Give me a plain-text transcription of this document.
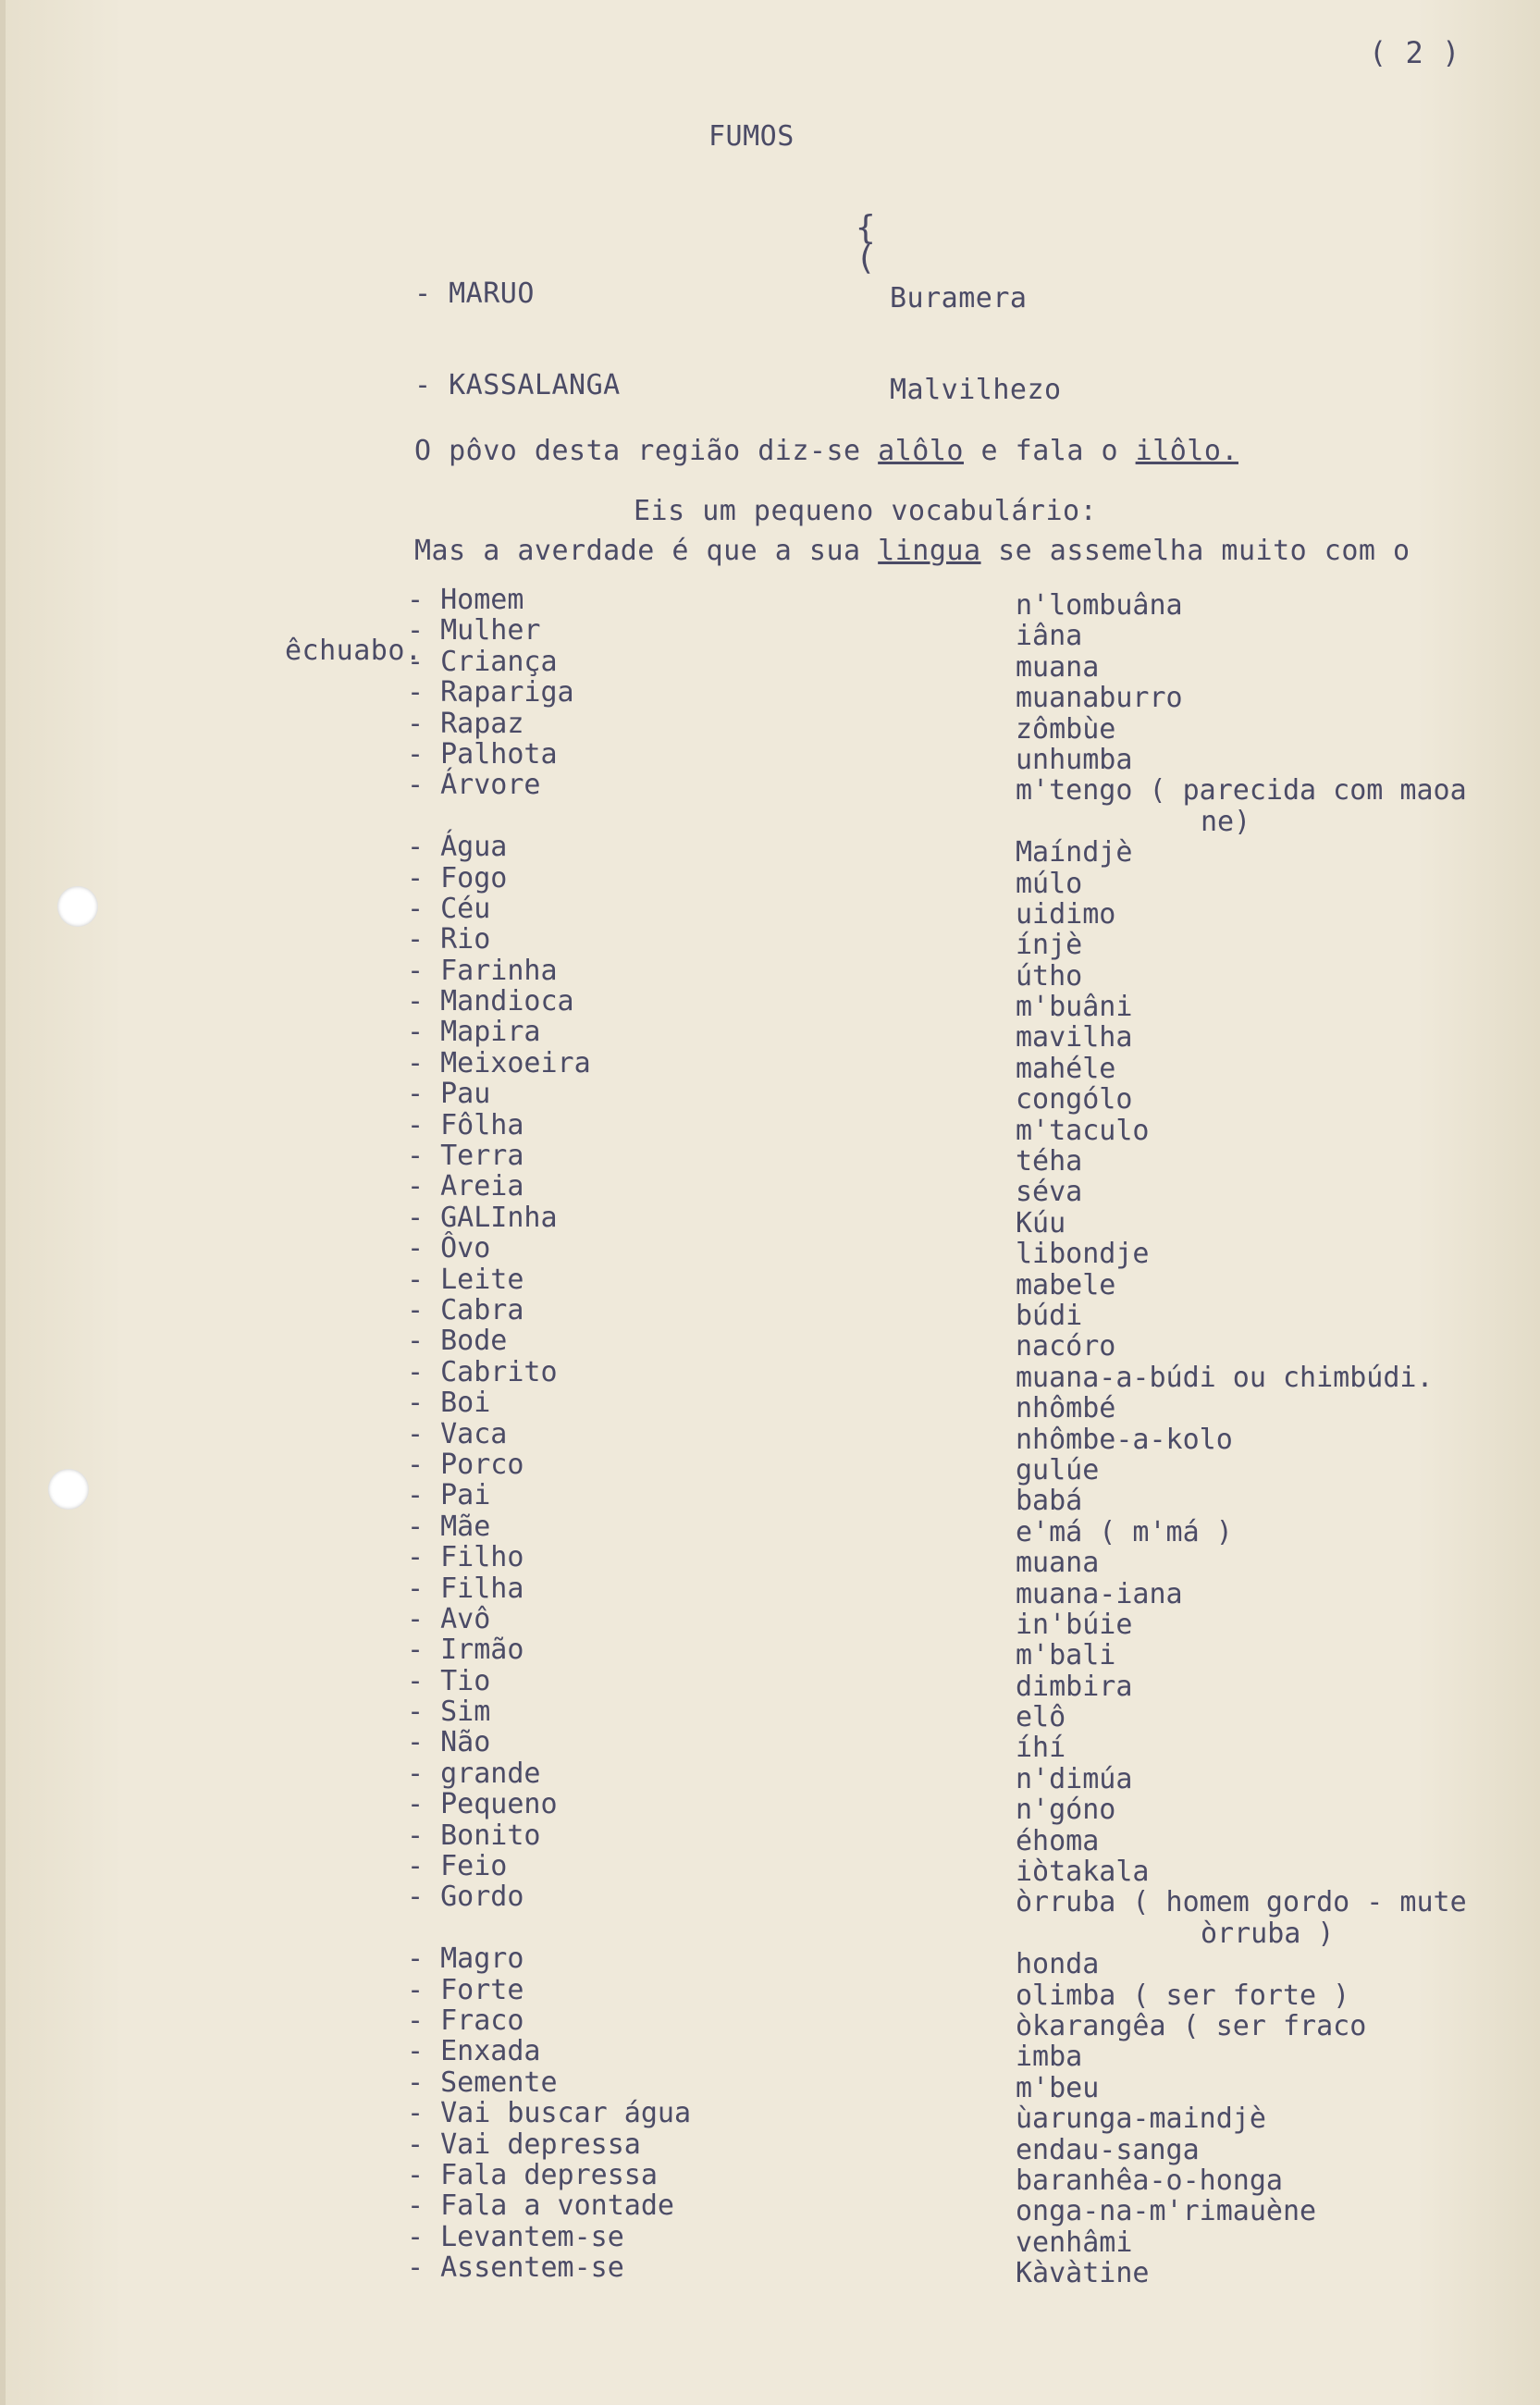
( 2 )
FUMOS

- MARUO

- KASSALANGA

{
(

Buramera

Malvilhezo

O pôvo desta região diz-se alôlo e fala o ilôlo.

Mas a averdade é que a sua lingua se assemelha muito com o

êchuabo.

Eis um pequeno vocabulário:
- Homem
- Mulher
- Criança
- Rapariga
- Rapaz
- Palhota
- Árvore
- Água
- Fogo
- Céu
- Rio
- Farinha
- Mandioca
- Mapira
- Meixoeira
- Pau
- Fôlha
- Terra
- Areia
- GALInha
- Ôvo
- Leite
- Cabra
- Bode
- Cabrito
- Boi
- Vaca
- Porco
- Pai
- Mãe
- Filho
- Filha
- Avô
- Irmão
- Tio
- Sim
- Não
- grande
- Pequeno
- Bonito
- Feio
- Gordo
- Magro
- Forte
- Fraco
- Enxada
- Semente
- Vai buscar água
- Vai depressa
- Fala depressa
- Fala a vontade
- Levantem-se
- Assentem-se
n'lombuâna
iâna
muana
muanaburro
zômbùe
unhumba
m'tengo ( parecida com maoa
ne)
Maíndjè
múlo
uidimo
ínjè
útho
m'buâni
mavilha
mahéle
congólo
m'taculo
téha
séva
Kúu
libondje
mabele
búdi
nacóro
muana-a-búdi ou chimbúdi.
nhômbé
nhômbe-a-kolo
gulúe
babá
e'má ( m'má )
muana
muana-iana
in'búie
m'bali
dimbira
elô
íhí
n'dimúa
n'góno
éhoma
iòtakala
òrruba ( homem gordo - mute
òrruba )
honda
olimba ( ser forte )
òkarangêa ( ser fraco
imba
m'beu
ùarunga-maindjè
endau-sanga
baranhêa-o-honga
onga-na-m'rimauène
venhâmi
Kàvàtine
